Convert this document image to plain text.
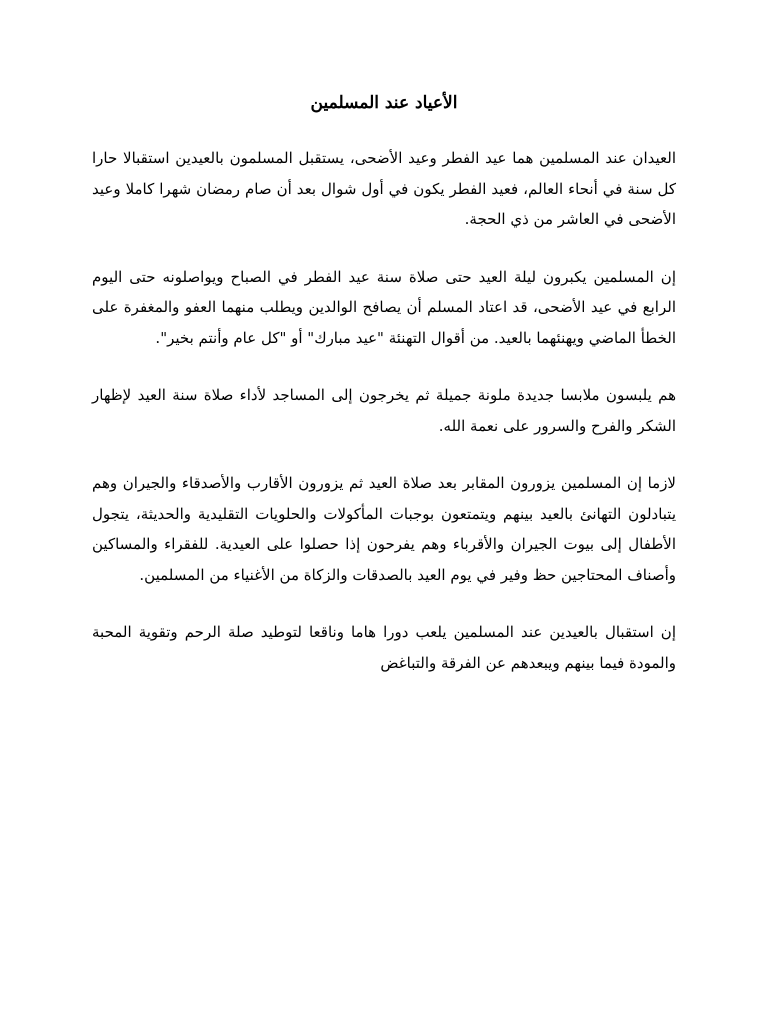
الأعياد عند المسلمين

العيدان عند المسلمين هما عيد الفطر وعيد الأضحى، يستقبل المسلمون بالعيدين استقبالا حارا كل سنة في أنحاء العالم، فعيد الفطر يكون في أول شوال بعد أن صام رمضان شهرا كاملا وعيد الأضحى في العاشر من ذي الحجة.

إن المسلمين يكبرون ليلة العيد حتى صلاة سنة عيد الفطر في الصباح ويواصلونه حتى اليوم الرابع في عيد الأضحى، قد اعتاد المسلم أن يصافح الوالدين ويطلب منهما العفو والمغفرة على الخطأ الماضي ويهنئهما بالعيد. من أقوال التهنئة "عيد مبارك" أو "كل عام وأنتم بخير".

هم يلبسون ملابسا جديدة ملونة جميلة ثم يخرجون إلى المساجد لأداء صلاة سنة العيد لإظهار الشكر والفرح والسرور على نعمة الله.

لازما إن المسلمين يزورون المقابر بعد صلاة العيد ثم يزورون الأقارب والأصدقاء والجيران وهم يتبادلون التهانئ بالعيد بينهم ويتمتعون بوجبات المأكولات والحلويات التقليدية والحديثة، يتجول الأطفال إلى بيوت الجيران والأقرباء وهم يفرحون إذا حصلوا على العيدية. للفقراء والمساكين وأصناف المحتاجين حظ وفير في يوم العيد بالصدقات والزكاة من الأغنياء من المسلمين.

إن استقبال بالعيدين عند المسلمين يلعب دورا هاما وناقعا لتوطيد صلة الرحم وتقوية المحبة والمودة فيما بينهم ويبعدهم عن الفرقة والتباغض
